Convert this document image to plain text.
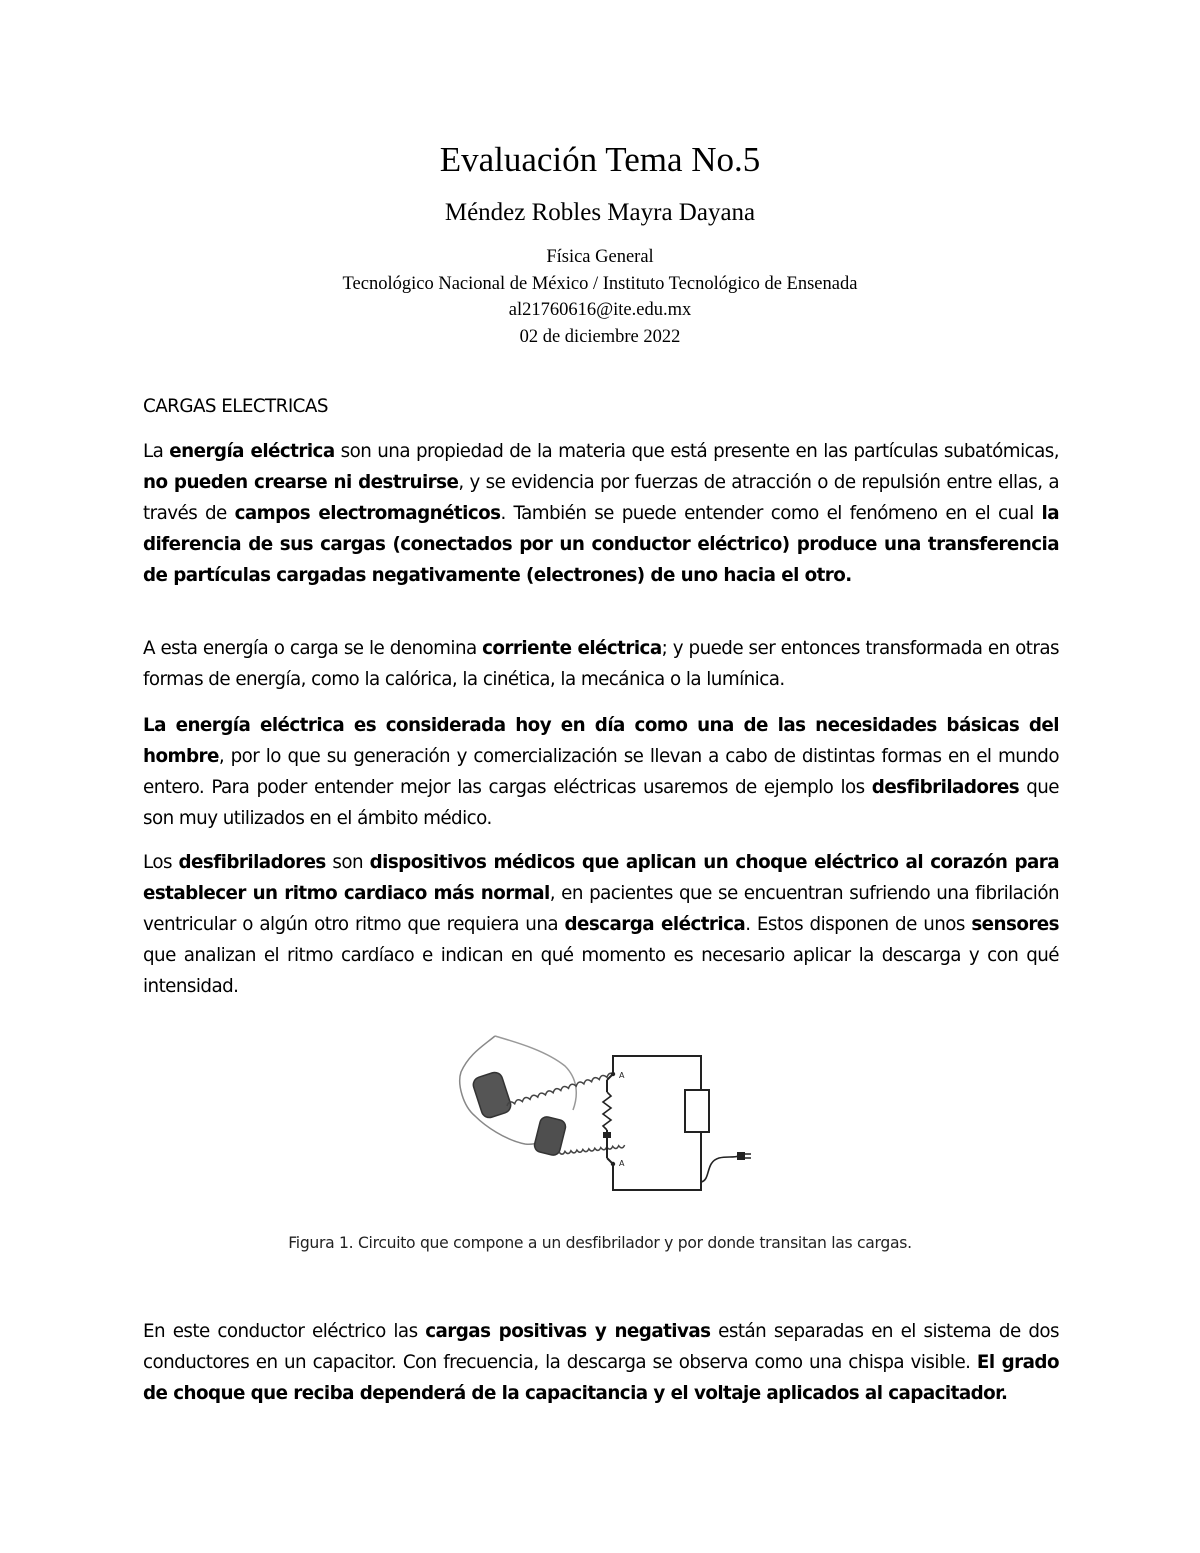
Evaluación Tema No.5
Méndez Robles Mayra Dayana
Física General
Tecnológico Nacional de México / Instituto Tecnológico de Ensenada
al21760616@ite.edu.mx
02 de diciembre 2022
CARGAS ELECTRICAS

La energía eléctrica son una propiedad de la materia que está presente en las partículas subatómicas, no pueden crearse ni destruirse, y se evidencia por fuerzas de atracción o de repulsión entre ellas, a través de campos electromagnéticos. También se puede entender como el fenómeno en el cual la diferencia de sus cargas (conectados por un conductor eléctrico) produce una transferencia de partículas cargadas negativamente (electrones) de uno hacia el otro.

A esta energía o carga se le denomina corriente eléctrica; y puede ser entonces transformada en otras formas de energía, como la calórica, la cinética, la mecánica o la lumínica.

La energía eléctrica es considerada hoy en día como una de las necesidades básicas del hombre, por lo que su generación y comercialización se llevan a cabo de distintas formas en el mundo entero. Para poder entender mejor las cargas eléctricas usaremos de ejemplo los desfibriladores que son muy utilizados en el ámbito médico.

Los desfibriladores son dispositivos médicos que aplican un choque eléctrico al corazón para establecer un ritmo cardiaco más normal, en pacientes que se encuentran sufriendo una fibrilación ventricular o algún otro ritmo que requiera una descarga eléctrica. Estos disponen de unos sensores que analizan el ritmo cardíaco e indican en qué momento es necesario aplicar la descarga y con qué intensidad.

A
A
Figura 1. Circuito que compone a un desfibrilador y por donde transitan las cargas.

En este conductor eléctrico las cargas positivas y negativas están separadas en el sistema de dos conductores en un capacitor. Con frecuencia, la descarga se observa como una chispa visible. El grado de choque que reciba dependerá de la capacitancia y el voltaje aplicados al capacitador.
